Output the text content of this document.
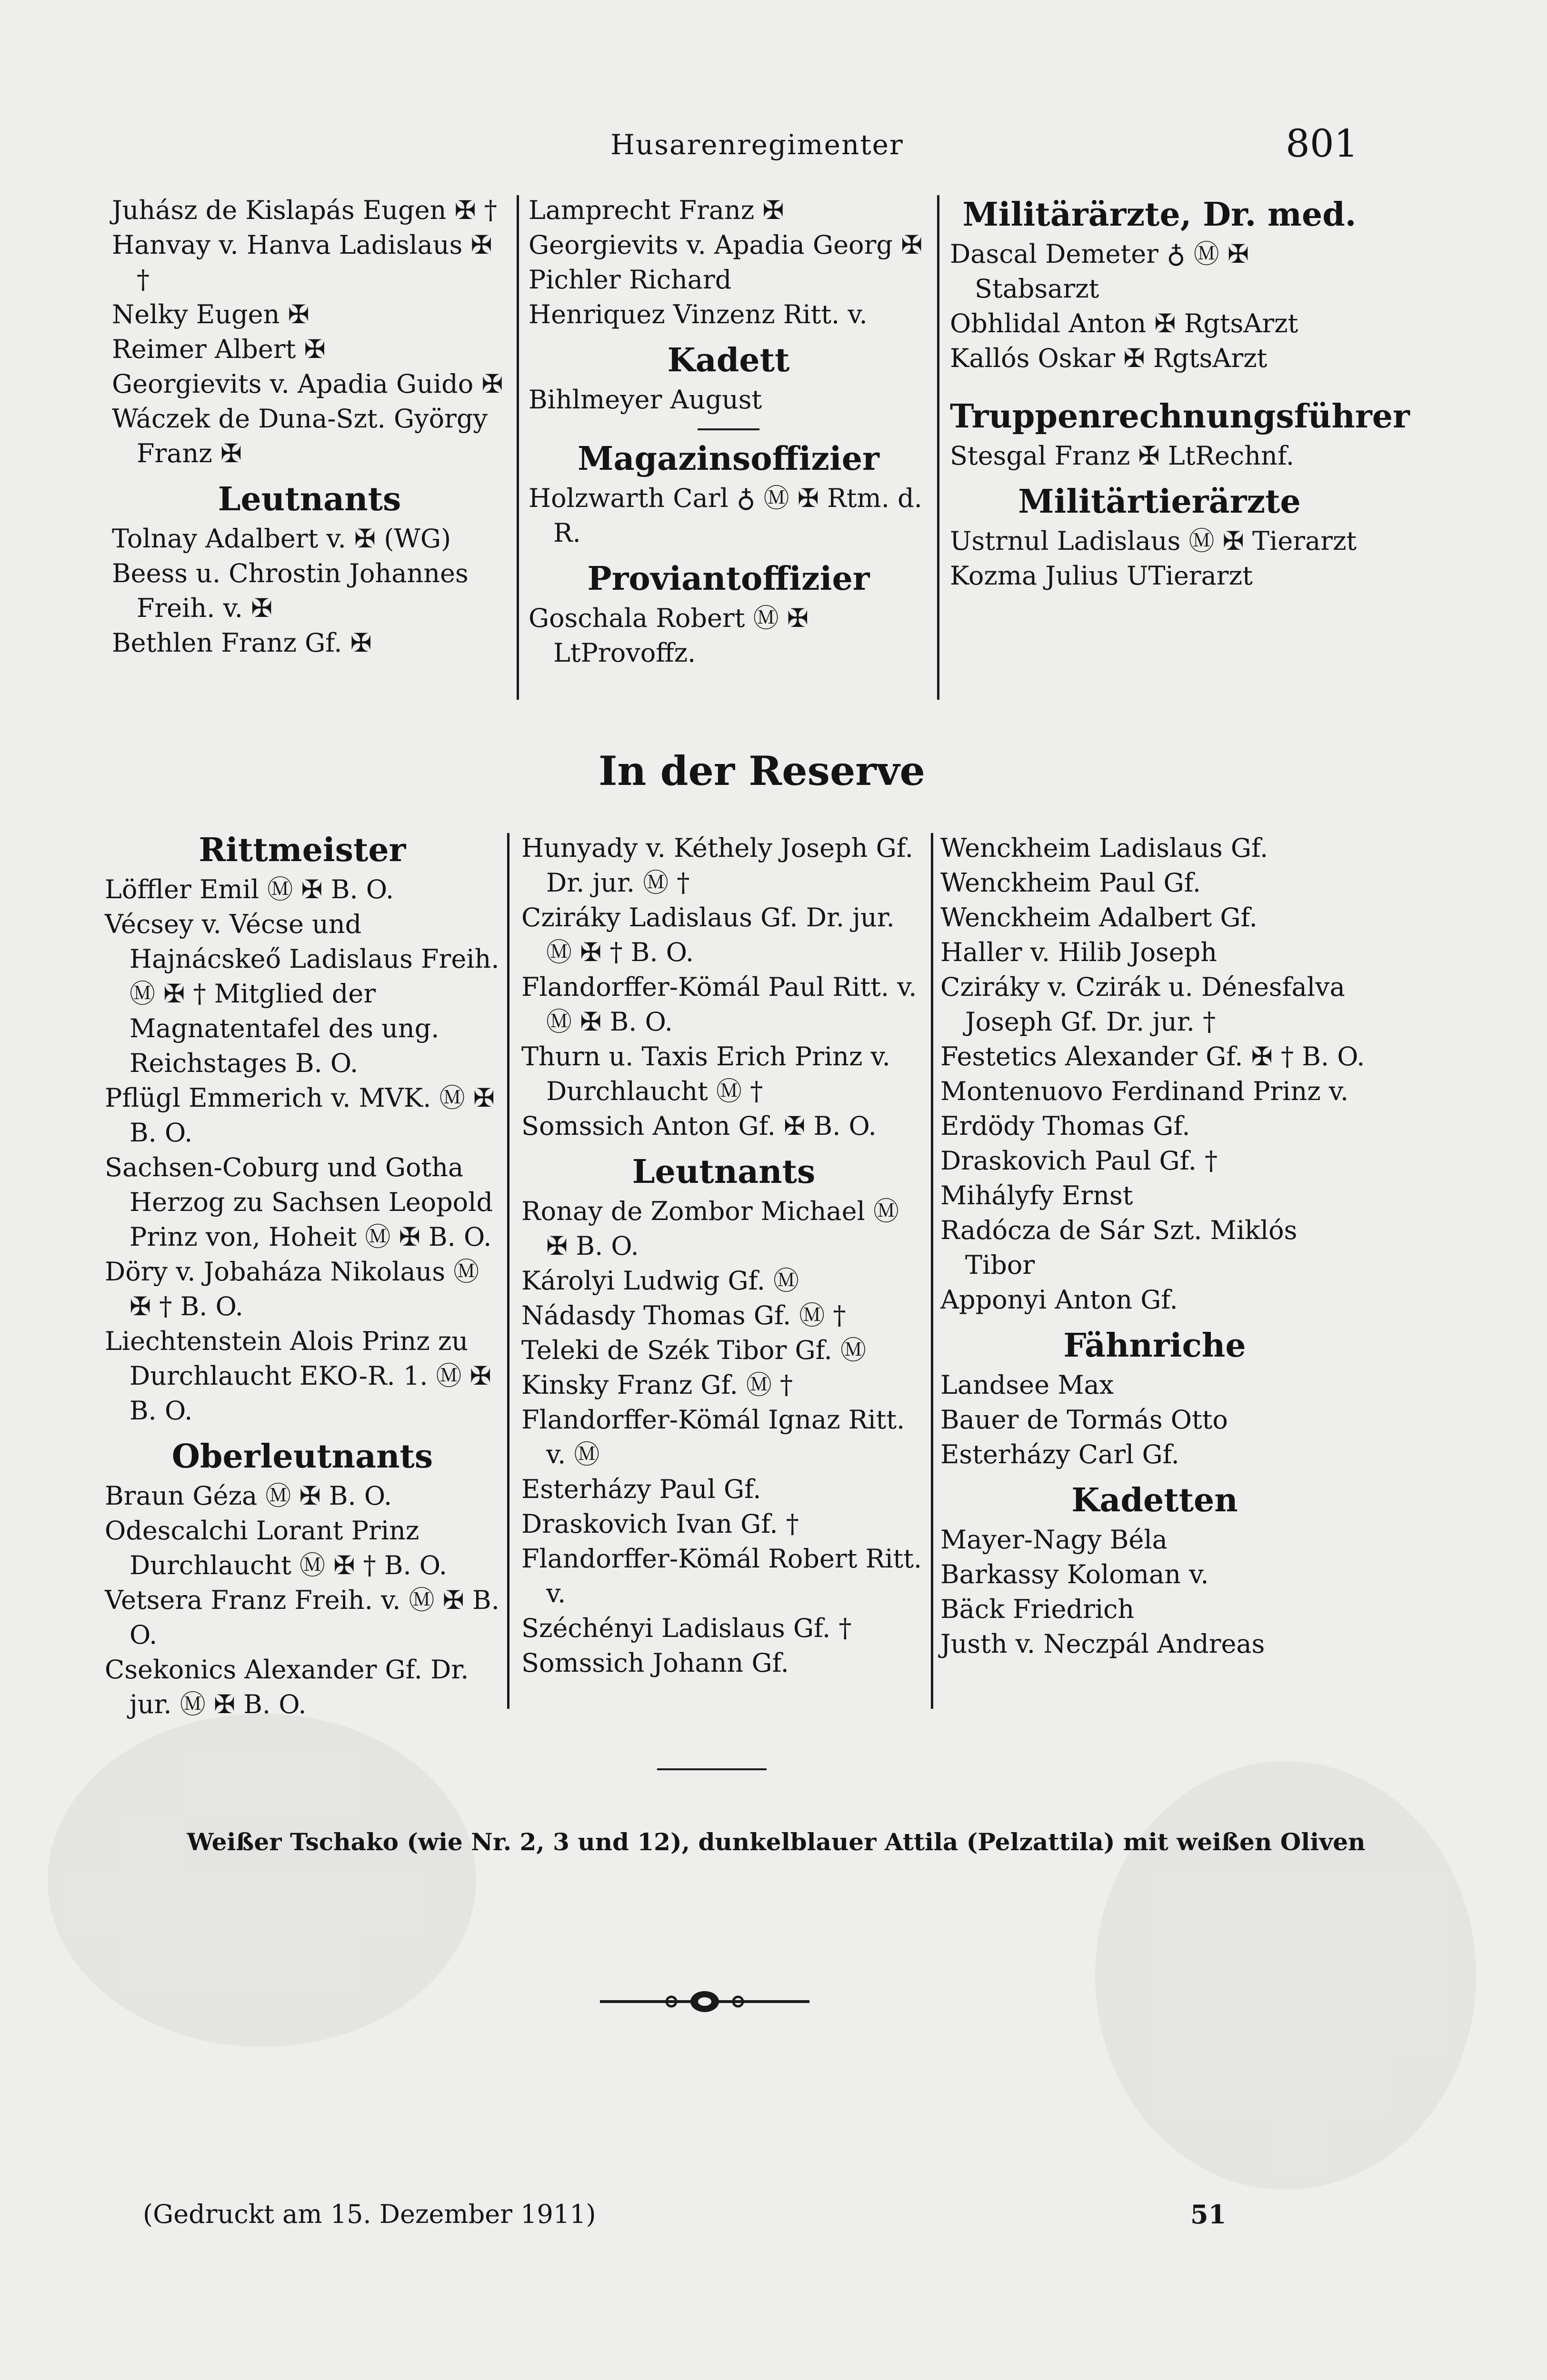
Husarenregimenter	801
Juhász de Kislapás Eugen ✠ †
Hanvay v. Hanva Ladislaus ✠ †
Nelky Eugen ✠
Reimer Albert ✠
Georgievits v. Apadia Guido ✠
Wáczek de Duna-Szt. György Franz ✠
Leutnants
Tolnay Adalbert v. ✠ (WG)
Beess u. Chrostin Johannes Freih. v. ✠
Bethlen Franz Gf. ✠
Lamprecht Franz ✠
Georgievits v. Apadia Georg ✠
Pichler Richard
Henriquez Vinzenz Ritt. v.
Kadett
Bihlmeyer August
Magazinsoffizier
Holzwarth Carl ♁ Ⓜ ✠ Rtm. d. R.
Proviantoffizier
Goschala Robert Ⓜ ✠ LtProvoffz.
Militärärzte, Dr. med.
Dascal Demeter ♁ Ⓜ ✠ Stabsarzt
Obhlidal Anton ✠ RgtsArzt
Kallós Oskar ✠ RgtsArzt
Truppenrechnungsführer
Stesgal Franz ✠ LtRechnf.
Militärtierärzte
Ustrnul Ladislaus Ⓜ ✠ Tierarzt
Kozma Julius UTierarzt
In der Reserve
Rittmeister
Löffler Emil Ⓜ ✠ B. O.
Vécsey v. Vécse und Hajnácskeő Ladislaus Freih. Ⓜ ✠ † Mitglied der Magnatentafel des ung. Reichstages B. O.
Pflügl Emmerich v. MVK. Ⓜ ✠ B. O.
Sachsen-Coburg und Gotha Herzog zu Sachsen Leopold Prinz von, Hoheit Ⓜ ✠ B. O.
Döry v. Jobaháza Nikolaus Ⓜ ✠ † B. O.
Liechtenstein Alois Prinz zu Durchlaucht EKO-R. 1. Ⓜ ✠ B. O.
Oberleutnants
Braun Géza Ⓜ ✠ B. O.
Odescalchi Lorant Prinz Durchlaucht Ⓜ ✠ † B. O.
Vetsera Franz Freih. v. Ⓜ ✠ B. O.
Csekonics Alexander Gf. Dr. jur. Ⓜ ✠ B. O.
Hunyady v. Kéthely Joseph Gf. Dr. jur. Ⓜ †
Cziráky Ladislaus Gf. Dr. jur. Ⓜ ✠ † B. O.
Flandorffer-Kömál Paul Ritt. v. Ⓜ ✠ B. O.
Thurn u. Taxis Erich Prinz v. Durchlaucht Ⓜ †
Somssich Anton Gf. ✠ B. O.
Leutnants
Ronay de Zombor Michael Ⓜ ✠ B. O.
Károlyi Ludwig Gf. Ⓜ
Nádasdy Thomas Gf. Ⓜ †
Teleki de Szék Tibor Gf. Ⓜ
Kinsky Franz Gf. Ⓜ †
Flandorffer-Kömál Ignaz Ritt. v. Ⓜ
Esterházy Paul Gf.
Draskovich Ivan Gf. †
Flandorffer-Kömál Robert Ritt. v.
Széchényi Ladislaus Gf. †
Somssich Johann Gf.
Wenckheim Ladislaus Gf.
Wenckheim Paul Gf.
Wenckheim Adalbert Gf.
Haller v. Hilib Joseph
Cziráky v. Czirák u. Dénesfalva Joseph Gf. Dr. jur. †
Festetics Alexander Gf. ✠ † B. O.
Montenuovo Ferdinand Prinz v.
Erdödy Thomas Gf.
Draskovich Paul Gf. †
Mihályfy Ernst
Radócza de Sár Szt. Miklós Tibor
Apponyi Anton Gf.
Fähnriche
Landsee Max
Bauer de Tormás Otto
Esterházy Carl Gf.
Kadetten
Mayer-Nagy Béla
Barkassy Koloman v.
Bäck Friedrich
Justh v. Neczpál Andreas
Weißer Tschako (wie Nr. 2, 3 und 12), dunkelblauer Attila (Pelzattila) mit weißen Oliven
(Gedruckt am 15. Dezember 1911)	51
